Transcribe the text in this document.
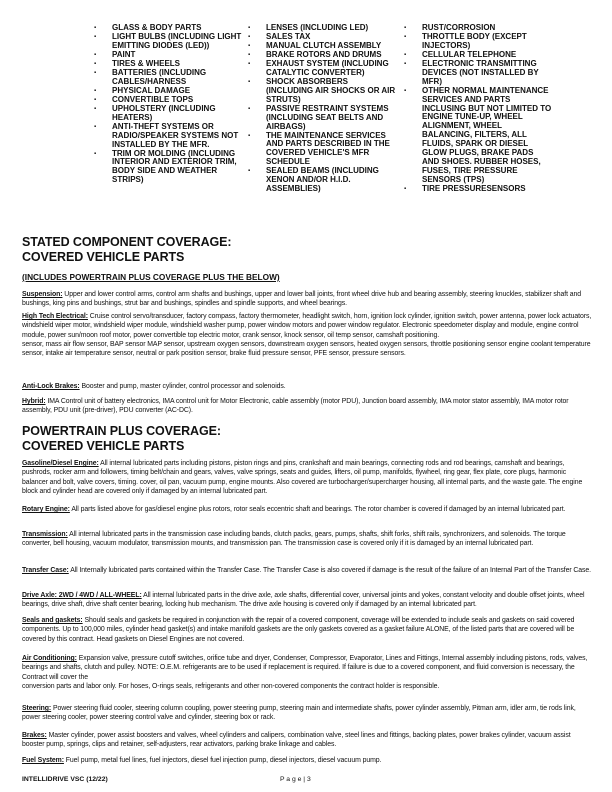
▪ GLASS & BODY PARTS
▪ LIGHT BULBS (INCLUDING LIGHT EMITTING DIODES (LED))
▪ PAINT
▪ TIRES & WHEELS
▪ BATTERIES (INCLUDING CABLES/HARNESS
▪ PHYSICAL DAMAGE
▪ CONVERTIBLE TOPS
▪ UPHOLSTERY (INCLUDING HEATERS)
▪ ANTI-THEFT SYSTEMS OR RADIO/SPEAKER SYSTEMS NOT INSTALLED BY THE MFR.
▪ TRIM OR MOLDING (INCLUDING INTERIOR AND EXTERIOR TRIM, BODY SIDE AND WEATHER STRIPS)
▪ LENSES (INCLUDING LED)
▪ SALES TAX
▪ MANUAL CLUTCH ASSEMBLY
▪ BRAKE ROTORS AND DRUMS
▪ EXHAUST SYSTEM (INCLUDING CATALYTIC CONVERTER)
▪ SHOCK ABSORBERS (INCLUDING AIR SHOCKS OR AIR STRUTS)
▪ PASSIVE RESTRAINT SYSTEMS (INCLUDING SEAT BELTS AND AIRBAGS)
▪ THE MAINTENANCE SERVICES AND PARTS DESCRIBED IN THE COVERED VEHICLE'S MFR SCHEDULE
▪ SEALED BEAMS (INCLUDING XENON AND/OR H.I.D. ASSEMBLIES)
▪ RUST/CORROSION
▪ THROTTLE BODY (EXCEPT INJECTORS)
▪ CELLULAR TELEPHONE
▪ ELECTRONIC TRANSMITTING DEVICES (NOT INSTALLED BY MFR)
▪ OTHER NORMAL MAINTENANCE SERVICES AND PARTS INCLUSING BUT NOT LIMITED TO ENGINE TUNE-UP, WHEEL ALIGNMENT, WHEEL BALANCING, FILTERS, ALL FLUIDS, SPARK OR DIESEL GLOW PLUGS, BRAKE PADS AND SHOES. RUBBER HOSES, FUSES, TIRE PRESSURE SENSORS (TPS)
▪ TIRE PRESSURESENSORS
STATED COMPONENT COVERAGE:
COVERED VEHICLE PARTS

(INCLUDES POWERTRAIN PLUS COVERAGE PLUS THE BELOW)

Suspension: Upper and lower control arms, control arm shafts and bushings, upper and lower ball joints, front wheel drive hub and bearing assembly, steering knuckles, stabilizer shaft and bushings, king pins and bushings, strut bar and bushings, spindles and spindle supports, and wheel bearings.

High Tech Electrical: Cruise control servo/transducer, factory compass, factory thermometer, headlight switch, horn, ignition lock cylinder, ignition switch, power antenna, power lock actuators, windshield wiper motor, windshield wiper module, windshield washer pump, power window motors and power window regulator. Electronic speedometer display and module, engine control module, power sun/moon roof motor, power convertible top electric motor, crank sensor, knock sensor, oil temp sensor, camshaft positioning.
sensor, mass air flow sensor, BAP sensor MAP sensor, upstream oxygen sensors, downstream oxygen sensors, heated oxygen sensors, throttle positioning sensor engine coolant temperature sensor, intake air temperature sensor, neutral or park position sensor, brake fluid pressure sensor, PFE sensor, pressure sensors.

Anti-Lock Brakes: Booster and pump, master cylinder, control processor and solenoids.

Hybrid: IMA Control unit of battery electronics, IMA control unit for Motor Electronic, cable assembly (motor PDU), Junction board assembly, IMA motor stator assembly, IMA motor rotor assembly, PDU unit (pre-driver), PDU converter (AC-DC).

POWERTRAIN PLUS COVERAGE:
COVERED VEHICLE PARTS

Gasoline/Diesel Engine: All internal lubricated parts including pistons, piston rings and pins, crankshaft and main bearings, connecting rods and rod bearings, camshaft and bearings, pushrods, rocker arm and followers, timing belt/chain and gears, valves, valve springs, seats and guides, lifters, oil pump, manifolds, flywheel, ring gear, flex plate, core plugs, harmonic balancer and bolt, valve covers, timing. cover, oil pan, vacuum pump, engine mounts. Also covered are turbocharger/supercharger housing, all internal parts, and the waste gate. The engine block and cylinder head are covered only if damaged by an internal lubricated part.

Rotary Engine: All parts listed above for gas/diesel engine plus rotors, rotor seals eccentric shaft and bearings. The rotor chamber is covered if damaged by an internal lubricated part.

Transmission: All internal lubricated parts in the transmission case including bands, clutch packs, gears, pumps, shafts, shift forks, shift rails, synchronizers, and solenoids. The torque converter, bell housing, vacuum modulator, transmission mounts, and transmission pan. The transmission case is covered only if it is damaged by an internal lubricated part.

Transfer Case: All Internally lubricated parts contained within the Transfer Case. The Transfer Case is also covered if damage is the result of the failure of an Internal Part of the Transfer Case.

Drive Axle: 2WD / 4WD / ALL-WHEEL: All internal lubricated parts in the drive axle, axle shafts, differential cover, universal joints and yokes, constant velocity and double offset joints, wheel bearings, drive shaft, drive shaft center bearing, locking hub mechanism. The drive axle housing is covered only if damaged by an internal lubricated part.

Seals and gaskets: Should seals and gaskets be required in conjunction with the repair of a covered component, coverage will be extended to include seals and gaskets on said covered components. Up to 100,000 miles, cylinder head gasket(s) and intake manifold gaskets are the only gaskets covered as a gasket failure ALONE, of the listed parts that are covered will be covered by this contract. Head gaskets on Diesel Engines are not covered.

Air Conditioning: Expansion valve, pressure cutoff switches, orifice tube and dryer, Condenser, Compressor, Evaporator, Lines and Fittings, Internal assembly including pistons, rods, valves, bearings and shafts, clutch and pulley. NOTE: O.E.M. refrigerants are to be used if replacement is required. If failure is due to a covered component, and fluid conversion is necessary, the Contract will cover the
conversion parts and labor only. For hoses, O-rings seals, refrigerants and other non-covered components the contract holder is responsible.

Steering: Power steering fluid cooler, steering column coupling, power steering pump, steering main and intermediate shafts, power cylinder assembly, Pitman arm, idler arm, tie rods link, power steering cooler, power steering control valve and cylinder, steering box or rack.

Brakes: Master cylinder, power assist boosters and valves, wheel cylinders and calipers, combination valve, steel lines and fittings, backing plates, power brakes cylinder, vacuum assist booster pump, springs, clips and retainer, self-adjusters, rear activators, parking brake linkage and cables.

Fuel System: Fuel pump, metal fuel lines, fuel injectors, diesel fuel injection pump, diesel injectors, diesel vacuum pump.

INTELLIDRIVE VSC (12/22)	P a g e | 3
